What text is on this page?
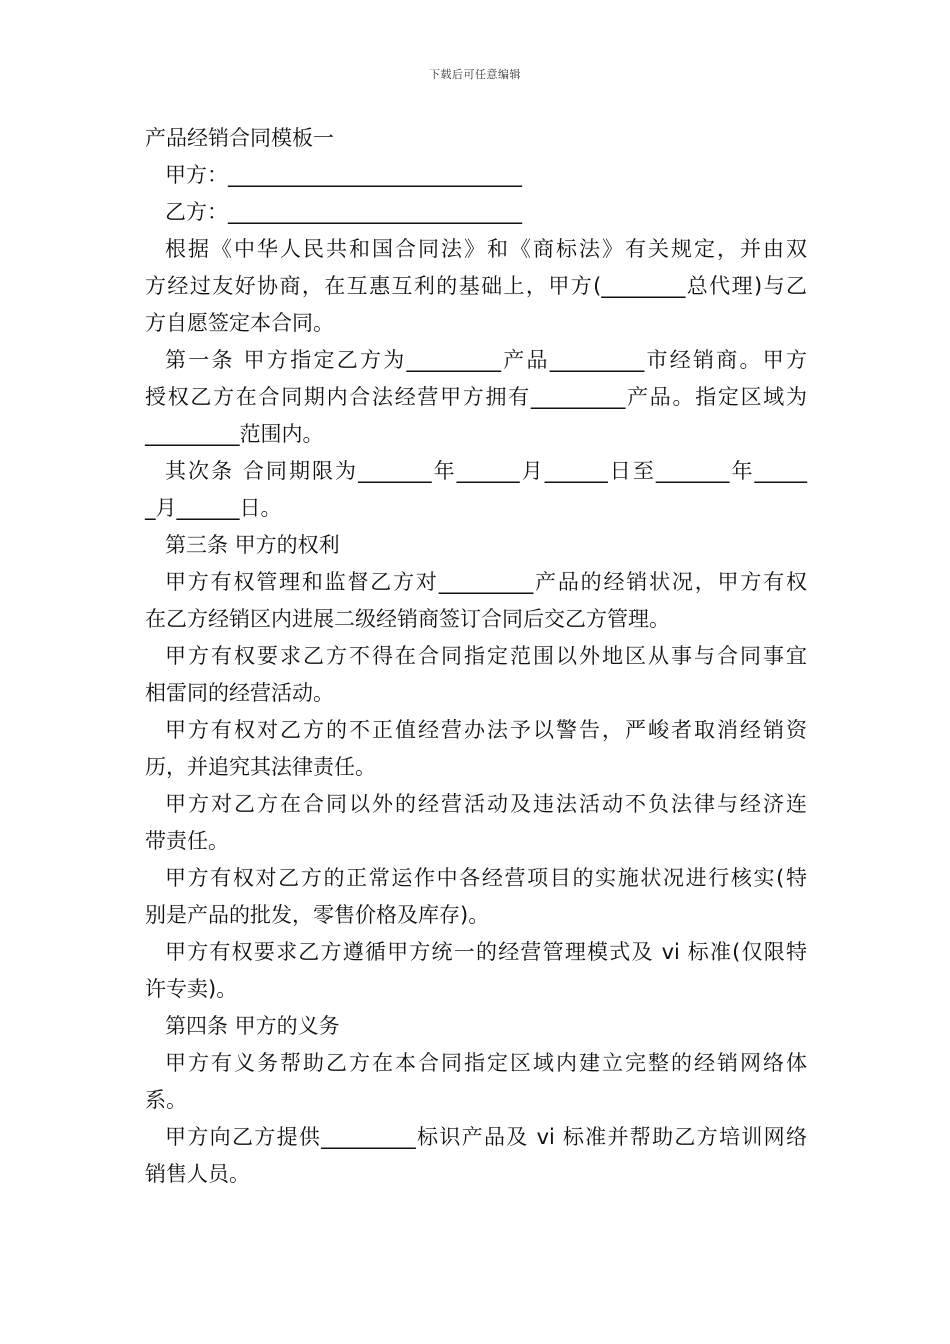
下载后可任意编辑
产品经销合同模板一
甲方：____________________________
乙方：____________________________
根据《中华人民共和国合同法》和《商标法》有关规定，并由双
方经过友好协商，在互惠互利的基础上，甲方(________总代理)与乙
方自愿签定本合同。
第一条 甲方指定乙方为_________产品_________市经销商。甲方
授权乙方在合同期内合法经营甲方拥有_________产品。指定区域为
_________范围内。
其次条 合同期限为_______年______月______日至_______年_____
_月______日。
第三条 甲方的权利
甲方有权管理和监督乙方对_________产品的经销状况，甲方有权
在乙方经销区内进展二级经销商签订合同后交乙方管理。
甲方有权要求乙方不得在合同指定范围以外地区从事与合同事宜
相雷同的经营活动。
甲方有权对乙方的不正值经营办法予以警告，严峻者取消经销资
历，并追究其法律责任。
甲方对乙方在合同以外的经营活动及违法活动不负法律与经济连
带责任。
甲方有权对乙方的正常运作中各经营项目的实施状况进行核实(特
别是产品的批发，零售价格及库存)。
甲方有权要求乙方遵循甲方统一的经营管理模式及 vi 标准(仅限特
许专卖)。
第四条 甲方的义务
甲方有义务帮助乙方在本合同指定区域内建立完整的经销网络体
系。
甲方向乙方提供_________标识产品及 vi 标准并帮助乙方培训网络
销售人员。
